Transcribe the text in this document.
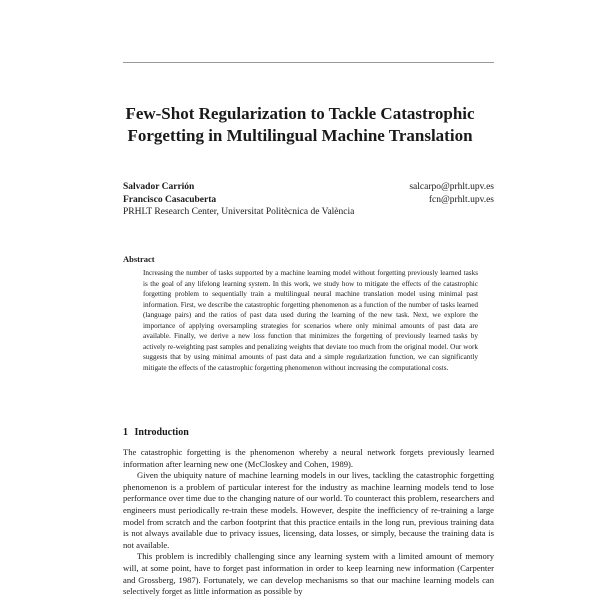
Few-Shot Regularization to Tackle Catastrophic
Forgetting in Multilingual Machine Translation
Salvador Carrión	salcarpo@prhlt.upv.es
Francisco Casacuberta	fcn@prhlt.upv.es
PRHLT Research Center, Universitat Politècnica de València
Abstract
Increasing the number of tasks supported by a machine learning model without forgetting previously learned tasks is the goal of any lifelong learning system. In this work, we study how to mitigate the effects of the catastrophic forgetting problem to sequentially train a multilingual neural machine translation model using minimal past information. First, we describe the catastrophic forgetting phenomenon as a function of the number of tasks learned (language pairs) and the ratios of past data used during the learning of the new task. Next, we explore the importance of applying oversampling strategies for scenarios where only minimal amounts of past data are available. Finally, we derive a new loss function that minimizes the forgetting of previously learned tasks by actively re-weighting past samples and penalizing weights that deviate too much from the original model. Our work suggests that by using minimal amounts of past data and a simple regularization function, we can significantly mitigate the effects of the catastrophic forgetting phenomenon without increasing the computational costs.
1 Introduction

The catastrophic forgetting is the phenomenon whereby a neural network forgets previously learned information after learning new one (McCloskey and Cohen, 1989).

Given the ubiquity nature of machine learning models in our lives, tackling the catastrophic forgetting phenomenon is a problem of particular interest for the industry as machine learning models tend to lose performance over time due to the changing nature of our world. To counteract this problem, researchers and engineers must periodically re-train these models. However, despite the inefficiency of re-training a large model from scratch and the carbon footprint that this practice entails in the long run, previous training data is not always available due to privacy issues, licensing, data losses, or simply, because the training data is not available.

This problem is incredibly challenging since any learning system with a limited amount of memory will, at some point, have to forget past information in order to keep learning new information (Carpenter and Grossberg, 1987). Fortunately, we can develop mechanisms so that our machine learning models can selectively forget as little information as possible by
